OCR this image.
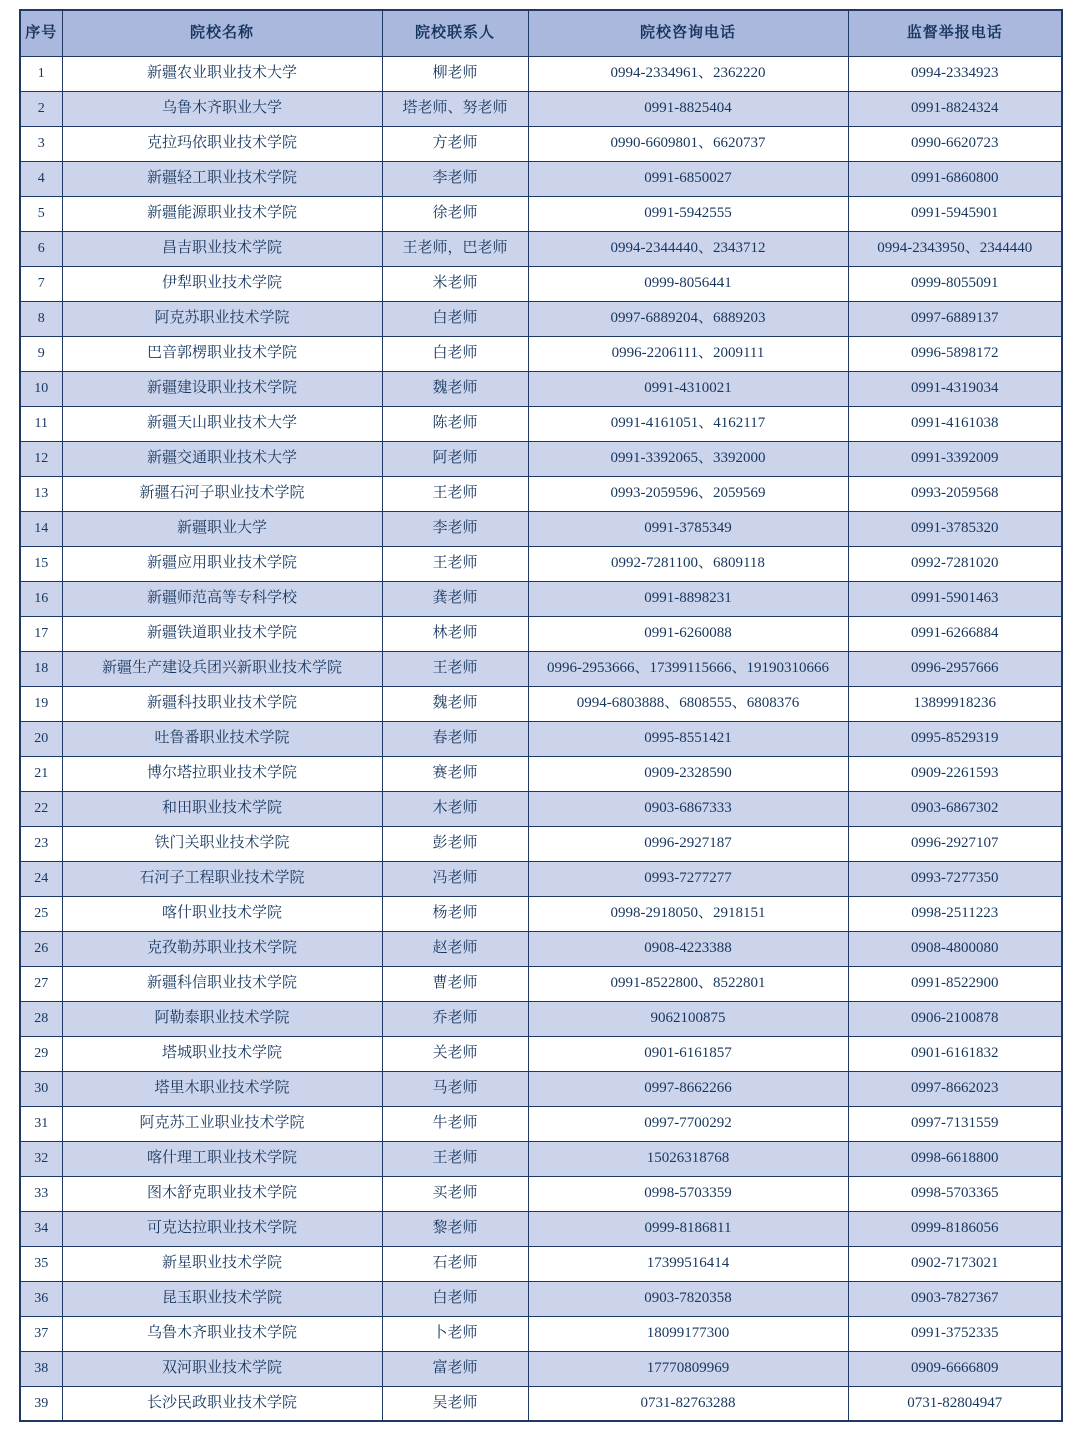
序号	院校名称	院校联系人	院校咨询电话	监督举报电话
1	新疆农业职业技术大学	柳老师	0994-2334961、2362220	0994-2334923
2	乌鲁木齐职业大学	塔老师、努老师	0991-8825404	0991-8824324
3	克拉玛依职业技术学院	方老师	0990-6609801、6620737	0990-6620723
4	新疆轻工职业技术学院	李老师	0991-6850027	0991-6860800
5	新疆能源职业技术学院	徐老师	0991-5942555	0991-5945901
6	昌吉职业技术学院	王老师，巴老师	0994-2344440、2343712	0994-2343950、2344440
7	伊犁职业技术学院	米老师	0999-8056441	0999-8055091
8	阿克苏职业技术学院	白老师	0997-6889204、6889203	0997-6889137
9	巴音郭楞职业技术学院	白老师	0996-2206111、2009111	0996-5898172
10	新疆建设职业技术学院	魏老师	0991-4310021	0991-4319034
11	新疆天山职业技术大学	陈老师	0991-4161051、4162117	0991-4161038
12	新疆交通职业技术大学	阿老师	0991-3392065、3392000	0991-3392009
13	新疆石河子职业技术学院	王老师	0993-2059596、2059569	0993-2059568
14	新疆职业大学	李老师	0991-3785349	0991-3785320
15	新疆应用职业技术学院	王老师	0992-7281100、6809118	0992-7281020
16	新疆师范高等专科学校	龚老师	0991-8898231	0991-5901463
17	新疆铁道职业技术学院	林老师	0991-6260088	0991-6266884
18	新疆生产建设兵团兴新职业技术学院	王老师	0996-2953666、17399115666、19190310666	0996-2957666
19	新疆科技职业技术学院	魏老师	0994-6803888、6808555、6808376	13899918236
20	吐鲁番职业技术学院	春老师	0995-8551421	0995-8529319
21	博尔塔拉职业技术学院	赛老师	0909-2328590	0909-2261593
22	和田职业技术学院	木老师	0903-6867333	0903-6867302
23	铁门关职业技术学院	彭老师	0996-2927187	0996-2927107
24	石河子工程职业技术学院	冯老师	0993-7277277	0993-7277350
25	喀什职业技术学院	杨老师	0998-2918050、2918151	0998-2511223
26	克孜勒苏职业技术学院	赵老师	0908-4223388	0908-4800080
27	新疆科信职业技术学院	曹老师	0991-8522800、8522801	0991-8522900
28	阿勒泰职业技术学院	乔老师	9062100875	0906-2100878
29	塔城职业技术学院	关老师	0901-6161857	0901-6161832
30	塔里木职业技术学院	马老师	0997-8662266	0997-8662023
31	阿克苏工业职业技术学院	牛老师	0997-7700292	0997-7131559
32	喀什理工职业技术学院	王老师	15026318768	0998-6618800
33	图木舒克职业技术学院	买老师	0998-5703359	0998-5703365
34	可克达拉职业技术学院	黎老师	0999-8186811	0999-8186056
35	新星职业技术学院	石老师	17399516414	0902-7173021
36	昆玉职业技术学院	白老师	0903-7820358	0903-7827367
37	乌鲁木齐职业技术学院	卜老师	18099177300	0991-3752335
38	双河职业技术学院	富老师	17770809969	0909-6666809
39	长沙民政职业技术学院	吴老师	0731-82763288	0731-82804947
